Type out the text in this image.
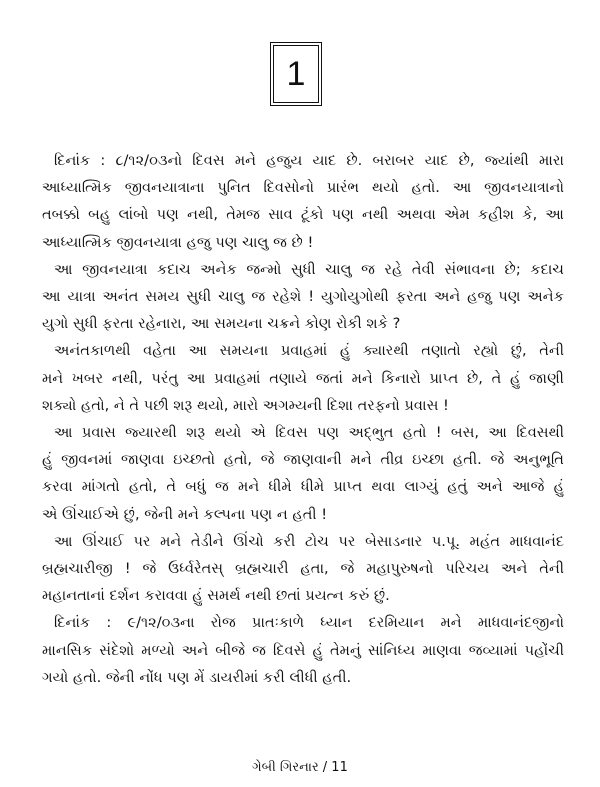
1
દિનાંક : ૮/૧૨/૦૩નો દિવસ મને હજુય યાદ છે. બરાબર યાદ છે, જ્યાંથી મારા
આધ્યાત્મિક જીવનયાત્રાના પુનિત દિવસોનો પ્રારંભ થયો હતો. આ જીવનયાત્રાનો
તબક્કો બહુ લાંબો પણ નથી, તેમજ સાવ ટૂંકો પણ નથી અથવા એમ કહીશ કે, આ
આધ્યાત્મિક જીવનયાત્રા હજુ પણ ચાલુ જ છે !
આ જીવનયાત્રા કદાચ અનેક જન્મો સુધી ચાલુ જ રહે તેવી સંભાવના છે; કદાચ
આ યાત્રા અનંત સમય સુધી ચાલુ જ રહેશે ! યુગોયુગોથી ફરતા અને હજુ પણ અનેક
યુગો સુધી ફરતા રહેનારા, આ સમયના ચક્રને કોણ રોકી શકે ?
અનંતકાળથી વહેતા આ સમયના પ્રવાહમાં હું ક્યારથી તણાતો રહ્યો છું, તેની
મને ખબર નથી, પરંતુ આ પ્રવાહમાં તણાયે જતાં મને કિનારો પ્રાપ્ત છે, તે હું જાણી
શક્યો હતો, ને તે પછી શરૂ થયો, મારો અગમ્યની દિશા તરફનો પ્રવાસ !
આ પ્રવાસ જ્યારથી શરૂ થયો એ દિવસ પણ અદ્‌ભુત હતો ! બસ, આ દિવસથી
હું જીવનમાં જાણવા ઇચ્છતો હતો, જે જાણવાની મને તીવ્ર ઇચ્છા હતી. જે અનુભૂતિ
કરવા માંગતો હતો, તે બધું જ મને ધીમે ધીમે પ્રાપ્ત થવા લાગ્યું હતું અને આજે હું
એ ઊંચાઈએ છું, જેની મને કલ્પના પણ ન હતી !
આ ઊંચાઈ પર મને તેડીને ઊંચો કરી ટોચ પર બેસાડનાર પ.પૂ. મહંત માધવાનંદ
બ્રહ્મચારીજી ! જે ઉર્ધ્વરેતસ્ બ્રહ્મચારી હતા, જે મહાપુરુષનો પરિચય અને તેની
મહાનતાનાં દર્શન કરાવવા હું સમર્થ નથી છતાં પ્રયત્ન કરું છું.
દિનાંક : ૯/૧૨/૦૩ના રોજ પ્રાતઃકાળે ધ્યાન દરમિયાન મને માધવાનંદજીનો
માનસિક સંદેશો મળ્યો અને બીજે જ દિવસે હું તેમનું સાંનિધ્ય માણવા જવ્યામાં પહોંચી
ગયો હતો. જેની નોંધ પણ મેં ડાયરીમાં કરી લીધી હતી.
ગેબી ગિરનાર / 11
